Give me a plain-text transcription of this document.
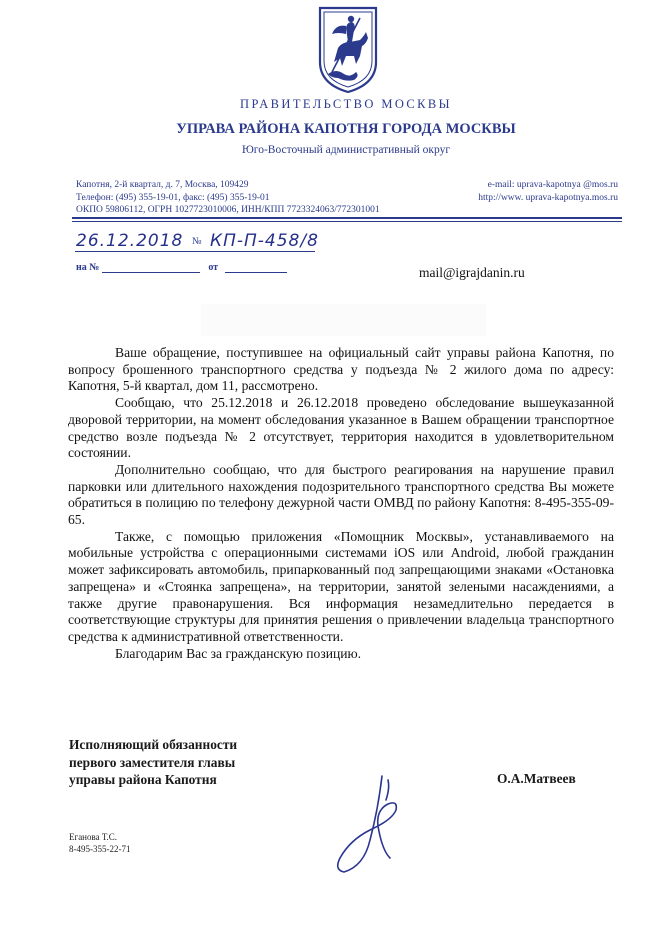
ПРАВИТЕЛЬСТВО МОСКВЫ
УПРАВА РАЙОНА КАПОТНЯ ГОРОДА МОСКВЫ
Юго-Восточный административный округ
Капотня, 2-й квартал, д. 7, Москва, 109429
Телефон: (495) 355-19-01, факс: (495) 355-19-01
ОКПО 59806112, ОГРН 1027723010006, ИНН/КПП 7723324063/772301001
e-mail: uprava-kapotnya @mos.ru
http://www. uprava-kapotnya.mos.ru
26.12.2018 № КП-П-458/8
на №	от	mail@igrajdanin.ru

Ваше обращение, поступившее на официальный сайт управы района Капотня, по вопросу брошенного транспортного средства у подъезда № 2 жилого дома по адресу: Капотня, 5-й квартал, дом 11, рассмотрено.

Сообщаю, что 25.12.2018 и 26.12.2018 проведено обследование вышеуказанной дворовой территории, на момент обследования указанное в Вашем обращении транспортное средство возле подъезда № 2 отсутствует, территория находится в удовлетворительном состоянии.

Дополнительно сообщаю, что для быстрого реагирования на нарушение правил парковки или длительного нахождения подозрительного транспортного средства Вы можете обратиться в полицию по телефону дежурной части ОМВД по району Капотня: 8-495-355-09-65.

Также, с помощью приложения «Помощник Москвы», устанавливаемого на мобильные устройства с операционными системами iOS или Android, любой гражданин может зафиксировать автомобиль, припаркованный под запрещающими знаками «Остановка запрещена» и «Стоянка запрещена», на территории, занятой зелеными насаждениями, а также другие правонарушения. Вся информация незамедлительно передается в соответствующие структуры для принятия решения о привлечении владельца транспортного средства к административной ответственности.

Благодарим Вас за гражданскую позицию.

Исполняющий обязанности
первого заместителя главы
управы района Капотня	О.А.Матвеев
Еганова Т.С.
8-495-355-22-71
